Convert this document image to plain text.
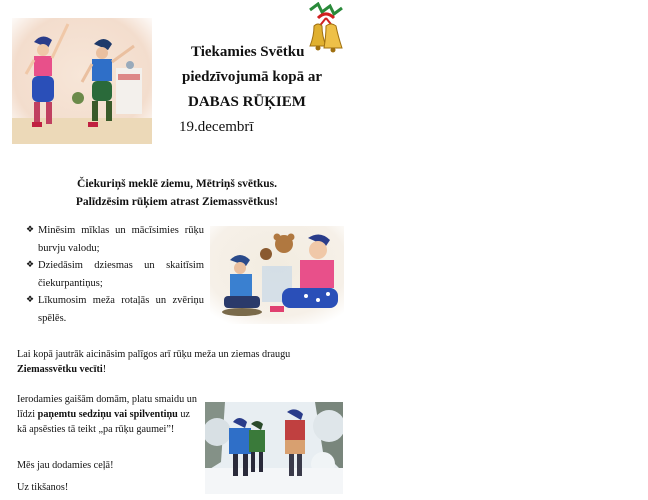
Tiekamies Svētku
piedzīvojumā kopā ar
DABAS RŪĶIEM
19.decembrī
Čiekuriņš meklē ziemu, Mētriņš svētkus.
Palīdzēsim rūķiem atrast Ziemassvētkus!
❖ Minēsim mīklas un mācīsimies rūķu burvju valodu;
❖ Dziedāsim dziesmas un skaitīsim čiekurpantiņus;
❖ Līkumosim meža rotaļās un zvēriņu spēlēs.
Lai kopā jautrāk aicināsim palīgos arī rūķu meža un ziemas draugu Ziemassvētku vecīti!
Ierodamies gaišām domām, platu smaidu un līdzi paņemtu sedziņu vai spilventiņu uz kā apsēsties tā teikt „pa rūķu gaumei”!
Mēs jau dodamies ceļā!
Uz tikšanos!
